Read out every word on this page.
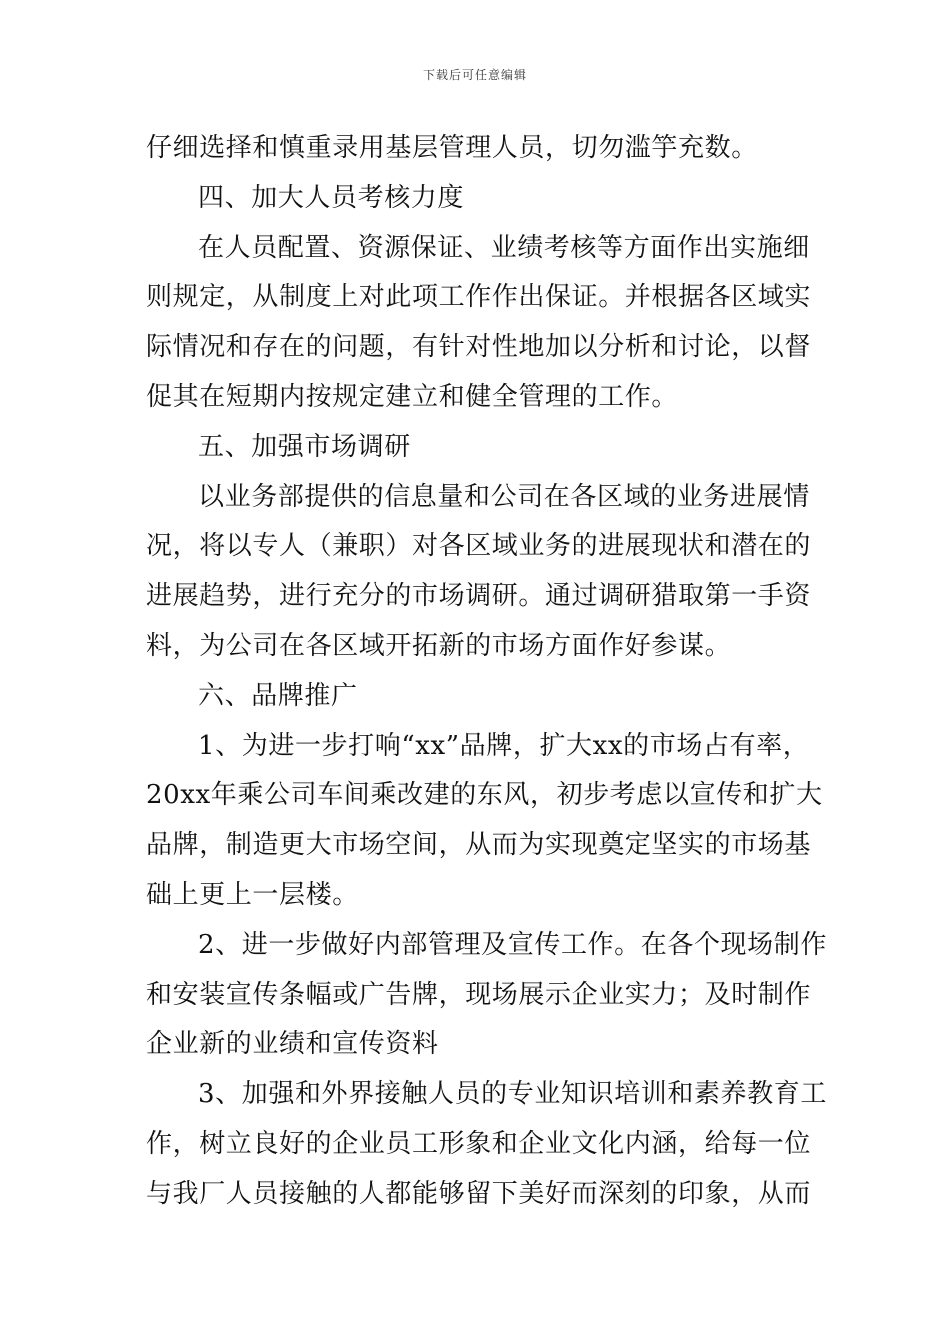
下载后可任意编辑
仔细选择和慎重录用基层管理人员，切勿滥竽充数。
四、加大人员考核力度
在人员配置、资源保证、业绩考核等方面作出实施细
则规定，从制度上对此项工作作出保证。并根据各区域实
际情况和存在的问题，有针对性地加以分析和讨论，以督
促其在短期内按规定建立和健全管理的工作。
五、加强市场调研
以业务部提供的信息量和公司在各区域的业务进展情
况，将以专人（兼职）对各区域业务的进展现状和潜在的
进展趋势，进行充分的市场调研。通过调研猎取第一手资
料，为公司在各区域开拓新的市场方面作好参谋。
六、品牌推广
1、为进一步打响“xx”品牌，扩大xx的市场占有率，
20xx年乘公司车间乘改建的东风，初步考虑以宣传和扩大
品牌，制造更大市场空间，从而为实现奠定坚实的市场基
础上更上一层楼。
2、进一步做好内部管理及宣传工作。在各个现场制作
和安装宣传条幅或广告牌，现场展示企业实力；及时制作
企业新的业绩和宣传资料
3、加强和外界接触人员的专业知识培训和素养教育工
作，树立良好的企业员工形象和企业文化内涵，给每一位
与我厂人员接触的人都能够留下美好而深刻的印象，从而
